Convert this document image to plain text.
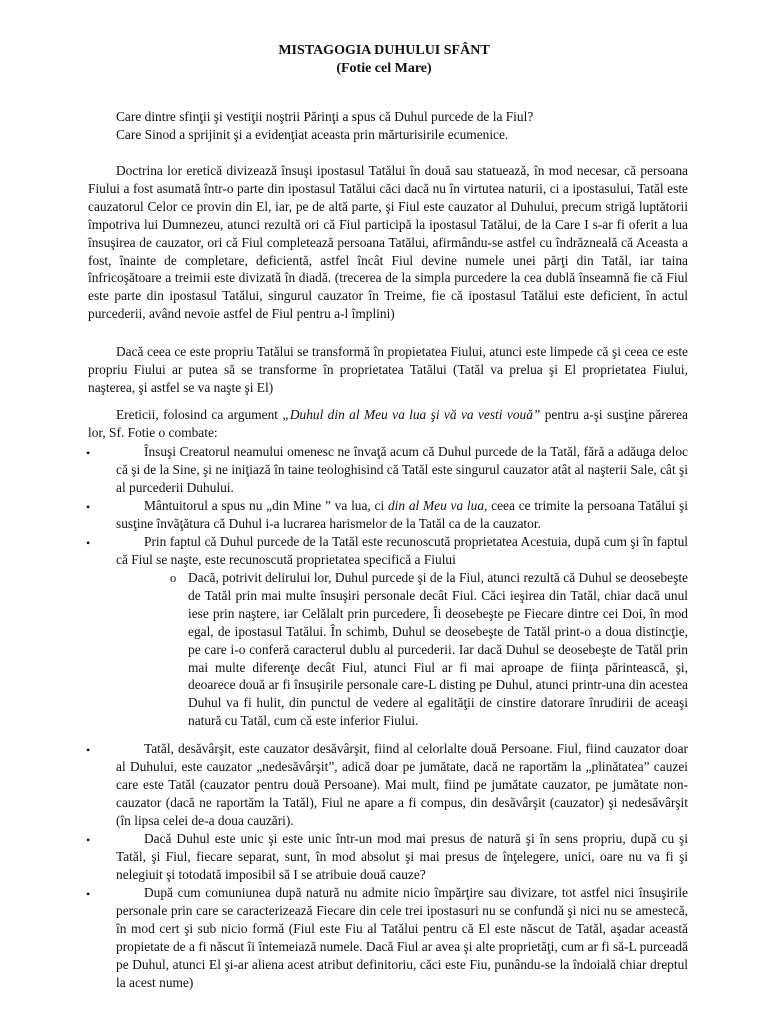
MISTAGOGIA DUHULUI SFÂNT
(Fotie cel Mare)
Care dintre sfinţii şi vestiţii noştrii Părinţi a spus că Duhul purcede de la Fiul?
Care Sinod a sprijinit şi a evidenţiat aceasta prin mărturisirile ecumenice.
Doctrina lor eretică divizează însuşi ipostasul Tatălui în două sau statuează, în mod necesar, că persoana Fiului a fost asumată într-o parte din ipostasul Tatălui căci dacă nu în virtutea naturii, ci a ipostasului, Tatăl este cauzatorul Celor ce provin din El, iar, pe de altă parte, şi Fiul este cauzator al Duhului, precum strigă luptătorii împotriva lui Dumnezeu, atunci rezultă ori că Fiul participă la ipostasul Tatălui, de la Care I s-ar fi oferit a lua însuşirea de cauzator, ori că Fiul completează persoana Tatălui, afirmându-se astfel cu îndrăzneală că Aceasta a fost, înainte de completare, deficientă, astfel încât Fiul devine numele unei părţi din Tatăl, iar taina înfricoşătoare a treimii este divizată în diadă. (trecerea de la simpla purcedere la cea dublă înseamnă fie că Fiul este parte din ipostasul Tatălui, singurul cauzator în Treime, fie că ipostasul Tatălui este deficient, în actul purcederii, având nevoie astfel de Fiul pentru a-l împlini)
Dacă ceea ce este propriu Tatălui se transformă în propietatea Fiului, atunci este limpede că şi ceea ce este propriu Fiului ar putea să se transforme în proprietatea Tatălui (Tatăl va prelua şi El proprietatea Fiului, naşterea, şi astfel se va naşte şi El)
Ereticii, folosind ca argument „Duhul din al Meu va lua şi vă va vesti vouă” pentru a-şi susţine părerea lor, Sf. Fotie o combate:
•	Însuşi Creatorul neamului omenesc ne învaţă acum că Duhul purcede de la Tatăl, fără a adăuga deloc că şi de la Sine, şi ne iniţiază în taine teologhisind că Tatăl este singurul cauzator atât al naşterii Sale, cât şi al purcederii Duhului.
•	Mântuitorul a spus nu „din Mine ” va lua, ci din al Meu va lua, ceea ce trimite la persoana Tatălui şi susţine învăţătura că Duhul i-a lucrarea harismelor de la Tatăl ca de la cauzator.
•	Prin faptul că Duhul purcede de la Tatăl este recunoscută proprietatea Acestuia, după cum şi în faptul că Fiul se naşte, este recunoscută proprietatea specifică a Fiului
o Dacă, potrivit delirului lor, Duhul purcede şi de la Fiul, atunci rezultă că Duhul se deosebeşte de Tatăl prin mai multe însuşiri personale decât Fiul. Căci ieşirea din Tatăl, chiar dacă unul iese prin naştere, iar Celălalt prin purcedere, Îi deosebeşte pe Fiecare dintre cei Doi, în mod egal, de ipostasul Tatălui. În schimb, Duhul se deosebeşte de Tatăl print-o a doua distincţie, pe care i-o conferă caracterul dublu al purcederii. Iar dacă Duhul se deosebeşte de Tatăl prin mai multe diferenţe decât Fiul, atunci Fiul ar fi mai aproape de fiinţa părintească, şi, deoarece două ar fi însuşirile personale care-L disting pe Duhul, atunci printr-una din acestea Duhul va fi hulit, din punctul de vedere al egalităţii de cinstire datorare înrudirii de aceaşi natură cu Tatăl, cum că este inferior Fiului.
•	Tatăl, desăvârşit, este cauzator desăvârşit, fiind al celorlalte două Persoane. Fiul, fiind cauzator doar al Duhului, este cauzator „nedesăvârşit”, adică doar pe jumătate, dacă ne raportăm la „plinătatea” cauzei care este Tatăl (cauzator pentru două Persoane). Mai mult, fiind pe jumătate cauzator, pe jumătate non-cauzator (dacă ne raportăm la Tatăl), Fiul ne apare a fi compus, din desăvârşit (cauzator) şi nedesăvârşit (în lipsa celei de-a doua cauzări).
•	Dacă Duhul este unic şi este unic într-un mod mai presus de natură şi în sens propriu, după cu şi Tatăl, şi Fiul, fiecare separat, sunt, în mod absolut şi mai presus de înţelegere, unici, oare nu va fi şi nelegiuit şi totodată imposibil să I se atribuie două cauze?
•	După cum comuniunea după natură nu admite nicio împărţire sau divizare, tot astfel nici însuşirile personale prin care se caracterizează Fiecare din cele trei ipostasuri nu se confundă şi nici nu se amestecă, în mod cert şi sub nicio formă (Fiul este Fiu al Tatălui pentru că El este născut de Tatăl, aşadar această propietate de a fi născut îi întemeiază numele. Dacă Fiul ar avea şi alte proprietăţi, cum ar fi să-L purceadă pe Duhul, atunci El şi-ar aliena acest atribut definitoriu, căci este Fiu, punându-se la îndoială chiar dreptul la acest nume)
